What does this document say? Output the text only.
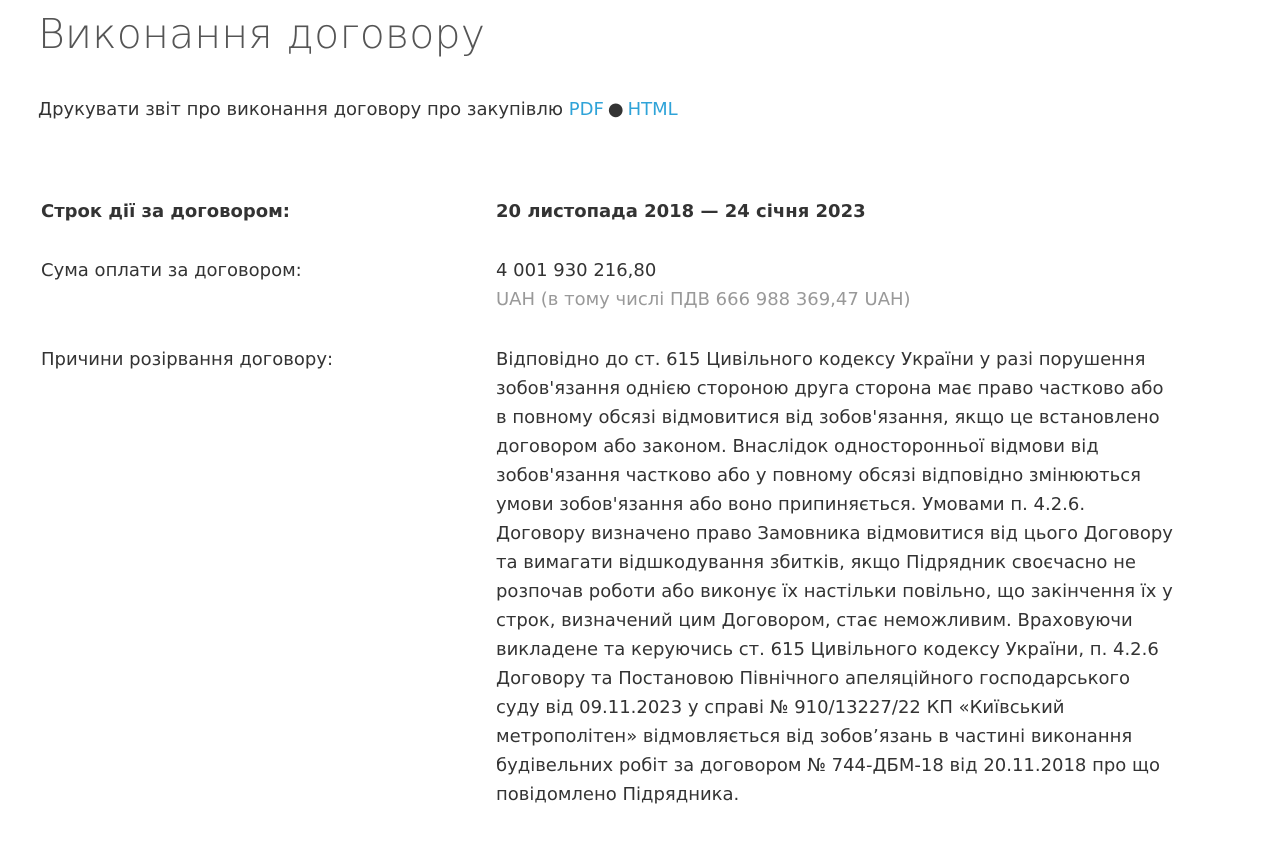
Виконання договору
Друкувати звіт про виконання договору про закупівлю PDF ● HTML
Строк дії за договором:	20 листопада 2018 — 24 січня 2023
Сума оплати за договором:	4 001 930 216,80
UAH (в тому числі ПДВ 666 988 369,47 UAH)
Причини розірвання договору:	Відповідно до ст. 615 Цивільного кодексу України у разі порушення зобов'язання однією стороною друга сторона має право частково або в повному обсязі відмовитися від зобов'язання, якщо це встановлено договором або законом. Внаслідок односторонньої відмови від зобов'язання частково або у повному обсязі відповідно змінюються умови зобов'язання або воно припиняється. Умовами п. 4.2.6. Договору визначено право Замовника відмовитися від цього Договору та вимагати відшкодування збитків, якщо Підрядник своєчасно не розпочав роботи або виконує їх настільки повільно, що закінчення їх у строк, визначений цим Договором, стає неможливим. Враховуючи викладене та керуючись ст. 615 Цивільного кодексу України, п. 4.2.6 Договору та Постановою Північного апеляційного господарського суду від 09.11.2023 у справі № 910/13227/22 КП «Київський метрополітен» відмовляється від зобов’язань в частині виконання будівельних робіт за договором № 744-ДБМ-18 від 20.11.2018 про що повідомлено Підрядника.
